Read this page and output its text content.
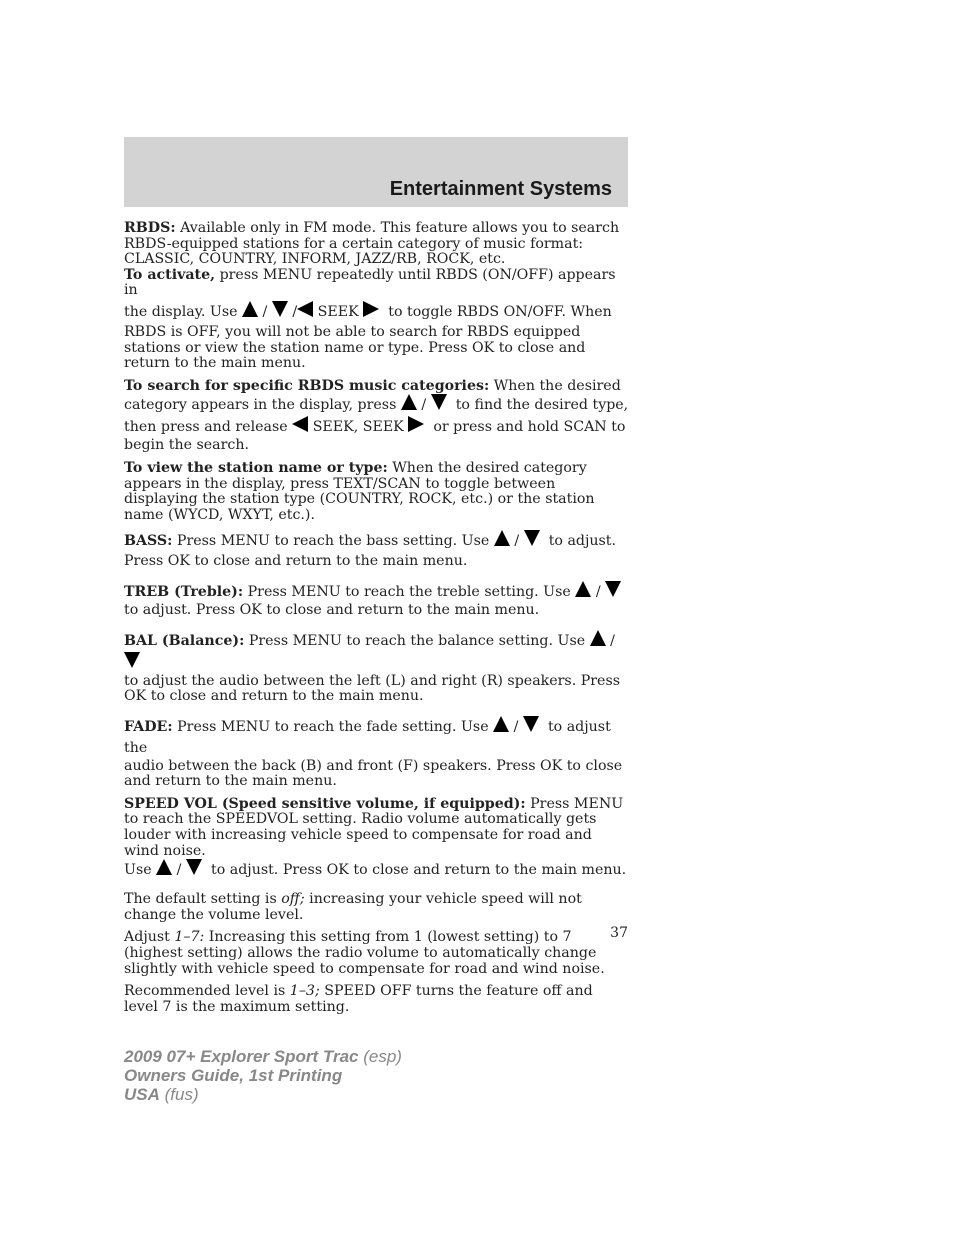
Entertainment Systems

RBDS: Available only in FM mode. This feature allows you to search RBDS-equipped stations for a certain category of music format: CLASSIC, COUNTRY, INFORM, JAZZ/RB, ROCK, etc.

To activate, press MENU repeatedly until RBDS (ON/OFF) appears in

the display. Use / / SEEK to toggle RBDS ON/OFF. When

RBDS is OFF, you will not be able to search for RBDS equipped stations or view the station name or type. Press OK to close and return to the main menu.

To search for specific RBDS music categories: When the desired

category appears in the display, press / to find the desired type,

then press and release SEEK, SEEK or press and hold SCAN to

begin the search.

To view the station name or type: When the desired category appears in the display, press TEXT/SCAN to toggle between displaying the station type (COUNTRY, ROCK, etc.) or the station name (WYCD, WXYT, etc.).

BASS: Press MENU to reach the bass setting. Use / to adjust.

Press OK to close and return to the main menu.

TREB (Treble): Press MENU to reach the treble setting. Use /

to adjust. Press OK to close and return to the main menu.

BAL (Balance): Press MENU to reach the balance setting. Use /

to adjust the audio between the left (L) and right (R) speakers. Press OK to close and return to the main menu.

FADE: Press MENU to reach the fade setting. Use / to adjust the

audio between the back (B) and front (F) speakers. Press OK to close and return to the main menu.

SPEED VOL (Speed sensitive volume, if equipped): Press MENU to reach the SPEEDVOL setting. Radio volume automatically gets louder with increasing vehicle speed to compensate for road and wind noise.

Use / to adjust. Press OK to close and return to the main menu.

The default setting is off; increasing your vehicle speed will not change the volume level.

Adjust 1–7: Increasing this setting from 1 (lowest setting) to 7 (highest setting) allows the radio volume to automatically change slightly with vehicle speed to compensate for road and wind noise.

Recommended level is 1–3; SPEED OFF turns the feature off and level 7 is the maximum setting.

37
2009 07+ Explorer Sport Trac (esp)
Owners Guide, 1st Printing
USA (fus)
